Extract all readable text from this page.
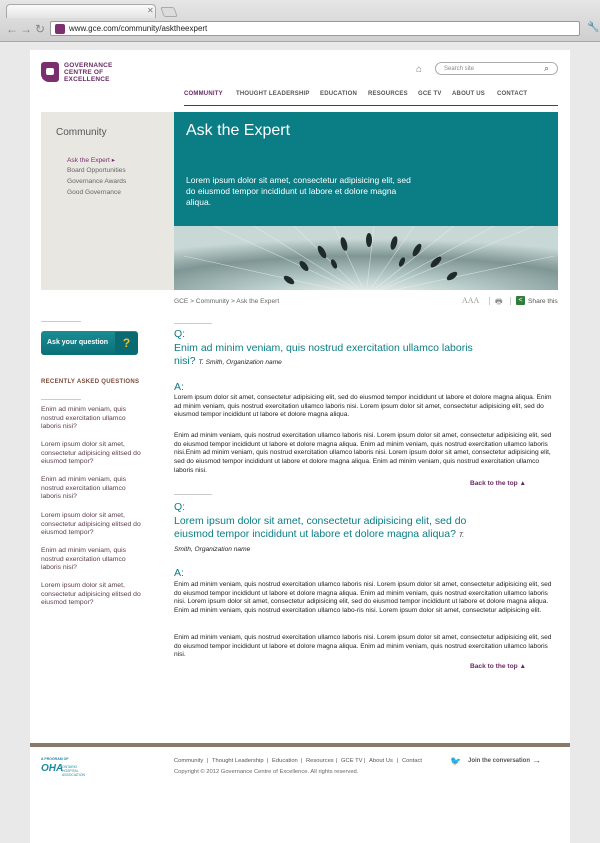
✕
← → ↻	www.gce.com/community/asktheexpert	🔧
GOVERNANCE
CENTRE OF
EXCELLENCE
⌂	Search site	⌕
COMMUNITY THOUGHT LEADERSHIP EDUCATION RESOURCES GCE TV ABOUT US CONTACT
Community
Ask the Expert ▸
Board Opportunities
Governance Awards
Good Governance
Ask the Expert
Lorem ipsum dolor sit amet, consectetur adipisicing elit, sed do eiusmod tempor incididunt ut labore et dolore magna aliqua.
GCE > Community > Ask the Expert	AAA 🖶	< Share this
Ask your question	?
RECENTLY ASKED QUESTIONS
Enim ad minim veniam, quis nostrud exercitation ullamco laboris nisi?
Lorem ipsum dolor sit amet, consectetur adipisicing elitsed do eiusmod tempor?
Enim ad minim veniam, quis nostrud exercitation ullamco laboris nisi?
Lorem ipsum dolor sit amet, consectetur adipisicing elitsed do eiusmod tempor?
Enim ad minim veniam, quis nostrud exercitation ullamco laboris nisi?
Lorem ipsum dolor sit amet, consectetur adipisicing elitsed do eiusmod tempor?
Q:
Enim ad minim veniam, quis nostrud exercitation ullamco laboris nisi? T. Smith, Organization name
A:
Lorem ipsum dolor sit amet, consectetur adipisicing elit, sed do eiusmod tempor incididunt ut labore et dolore magna aliqua. Enim ad minim veniam, quis nostrud exercitation ullamco laboris nisi. Lorem ipsum dolor sit amet, consectetur adipisicing elit, sed do eiusmod tempor incididunt ut labore et dolore magna aliqua.
Enim ad minim veniam, quis nostrud exercitation ullamco laboris nisi. Lorem ipsum dolor sit amet, consectetur adipisicing elit, sed do eiusmod tempor incididunt ut labore et dolore magna aliqua. Enim ad minim veniam, quis nostrud exercitation ullamco laboris nisi.Enim ad minim veniam, quis nostrud exercitation ullamco laboris nisi. Lorem ipsum dolor sit amet, consectetur adipisicing elit, sed do eiusmod tempor incididunt ut labore et dolore magna aliqua. Enim ad minim veniam, quis nostrud exercitation ullamco laboris nisi.
Back to the top ▲
Q:
Lorem ipsum dolor sit amet, consectetur adipisicing elit, sed do eiusmod tempor incididunt ut labore et dolore magna aliqua? T. Smith, Organization name
A:
Enim ad minim veniam, quis nostrud exercitation ullamco laboris nisi. Lorem ipsum dolor sit amet, consectetur adipisicing elit, sed do eiusmod tempor incididunt ut labore et dolore magna aliqua. Enim ad minim veniam, quis nostrud exercitation ullamco laboris nisi. Lorem ipsum dolor sit amet, consectetur adipisicing elit, sed do eiusmod tempor incididunt ut labore et dolore magna aliqua. Enim ad minim veniam, quis nostrud exercitation ullamco labo-ris nisi. Lorem ipsum dolor sit amet, consectetur adipisicing elit.
Enim ad minim veniam, quis nostrud exercitation ullamco laboris nisi. Lorem ipsum dolor sit amet, consectetur adipisicing elit, sed do eiusmod tempor incididunt ut labore et dolore magna aliqua. Enim ad minim veniam, quis nostrud exercitation ullamco laboris nisi.
Back to the top ▲
A PROGRAM OF
OHA
ONTARIO
HOSPITAL
ASSOCIATION
Community | Thought Leadership | Education | Resources | GCE TV | About Us | Contact
Copyright © 2012 Governance Centre of Excellence. All rights reserved.
🐦 Join the conversation →
